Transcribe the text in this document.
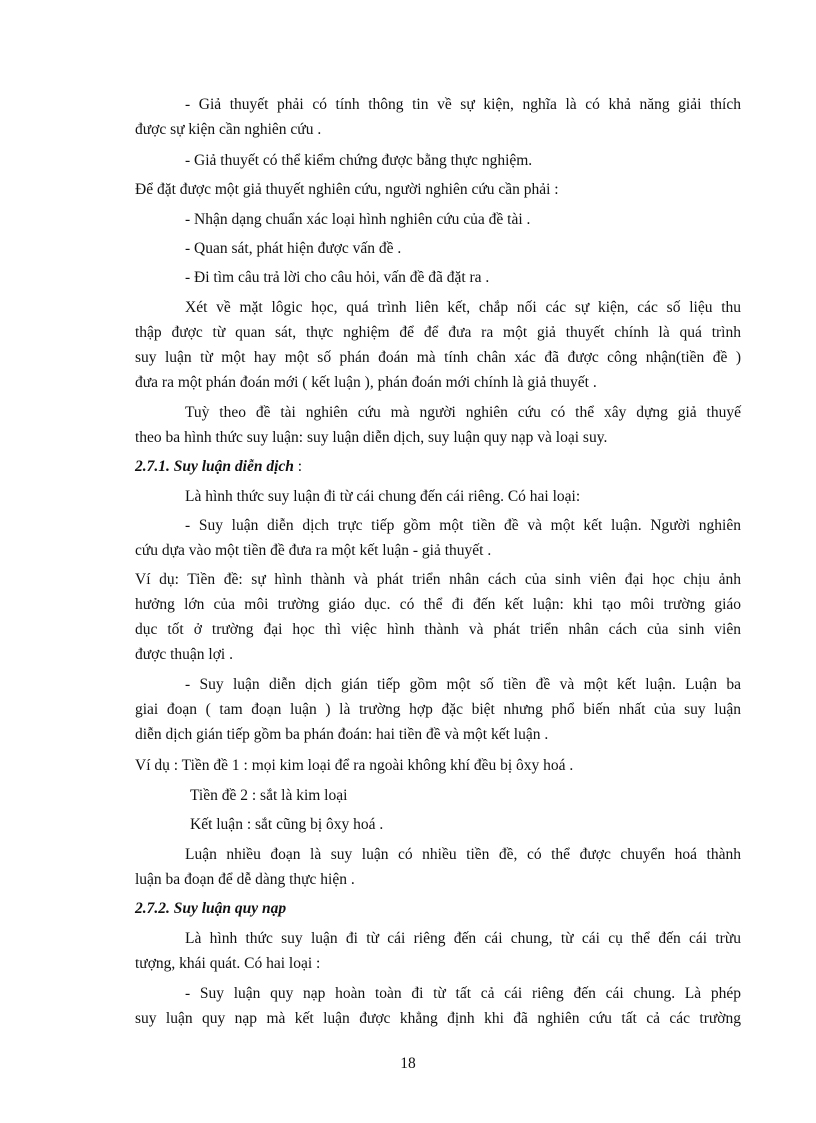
- Giả thuyết phải có tính thông tin về sự kiện, nghĩa là có khả năng giải thích
được sự kiện cần nghiên cứu .
- Giả thuyết có thể kiểm chứng được bằng thực nghiệm.
Để đặt được một giả thuyết nghiên cứu, người nghiên cứu cần phải :
- Nhận dạng chuẩn xác loại hình nghiên cứu của đề tài .
- Quan sát, phát hiện được vấn đề .
- Đi tìm câu trả lời cho câu hỏi, vấn đề đã đặt ra .
Xét về mặt lôgic học, quá trình liên kết, chắp nối các sự kiện, các số liệu thu
thập được từ quan sát, thực nghiệm để để đưa ra một giả thuyết chính là quá trình
suy luận từ một hay một số phán đoán mà tính chân xác đã được công nhận(tiền đề )
đưa ra một phán đoán mới ( kết luận ), phán đoán mới chính là giả thuyết .
Tuỳ theo đề tài nghiên cứu mà người nghiên cứu có thể xây dựng giả thuyế
theo ba hình thức suy luận: suy luận diễn dịch, suy luận quy nạp và loại suy.
2.7.1. Suy luận diễn dịch :
Là hình thức suy luận đi từ cái chung đến cái riêng. Có hai loại:
- Suy luận diễn dịch trực tiếp gồm một tiền đề và một kết luận. Người nghiên
cứu dựa vào một tiền đề đưa ra một kết luận - giả thuyết .
Ví dụ: Tiền đề: sự hình thành và phát triển nhân cách của sinh viên đại học chịu ảnh
hưởng lớn của môi trường giáo dục. có thể đi đến kết luận: khi tạo môi trường giáo
dục tốt ở trường đại học thì việc hình thành và phát triển nhân cách của sinh viên
được thuận lợi .
- Suy luận diễn dịch gián tiếp gồm một số tiền đề và một kết luận. Luận ba
giai đoạn ( tam đoạn luận ) là trường hợp đặc biệt nhưng phổ biến nhất của suy luận
diễn dịch gián tiếp gồm ba phán đoán: hai tiền đề và một kết luận .
Ví dụ : Tiền đề 1 : mọi kim loại để ra ngoài không khí đều bị ôxy hoá .
Tiền đề 2 : sắt là kim loại
Kết luận : sắt cũng bị ôxy hoá .
Luận nhiều đoạn là suy luận có nhiều tiền đề, có thể được chuyển hoá thành
luận ba đoạn để dễ dàng thực hiện .
2.7.2. Suy luận quy nạp
Là hình thức suy luận đi từ cái riêng đến cái chung, từ cái cụ thể đến cái trừu
tượng, khái quát. Có hai loại :
- Suy luận quy nạp hoàn toàn đi từ tất cả cái riêng đến cái chung. Là phép
suy luận quy nạp mà kết luận được khẳng định khi đã nghiên cứu tất cả các trường
18
